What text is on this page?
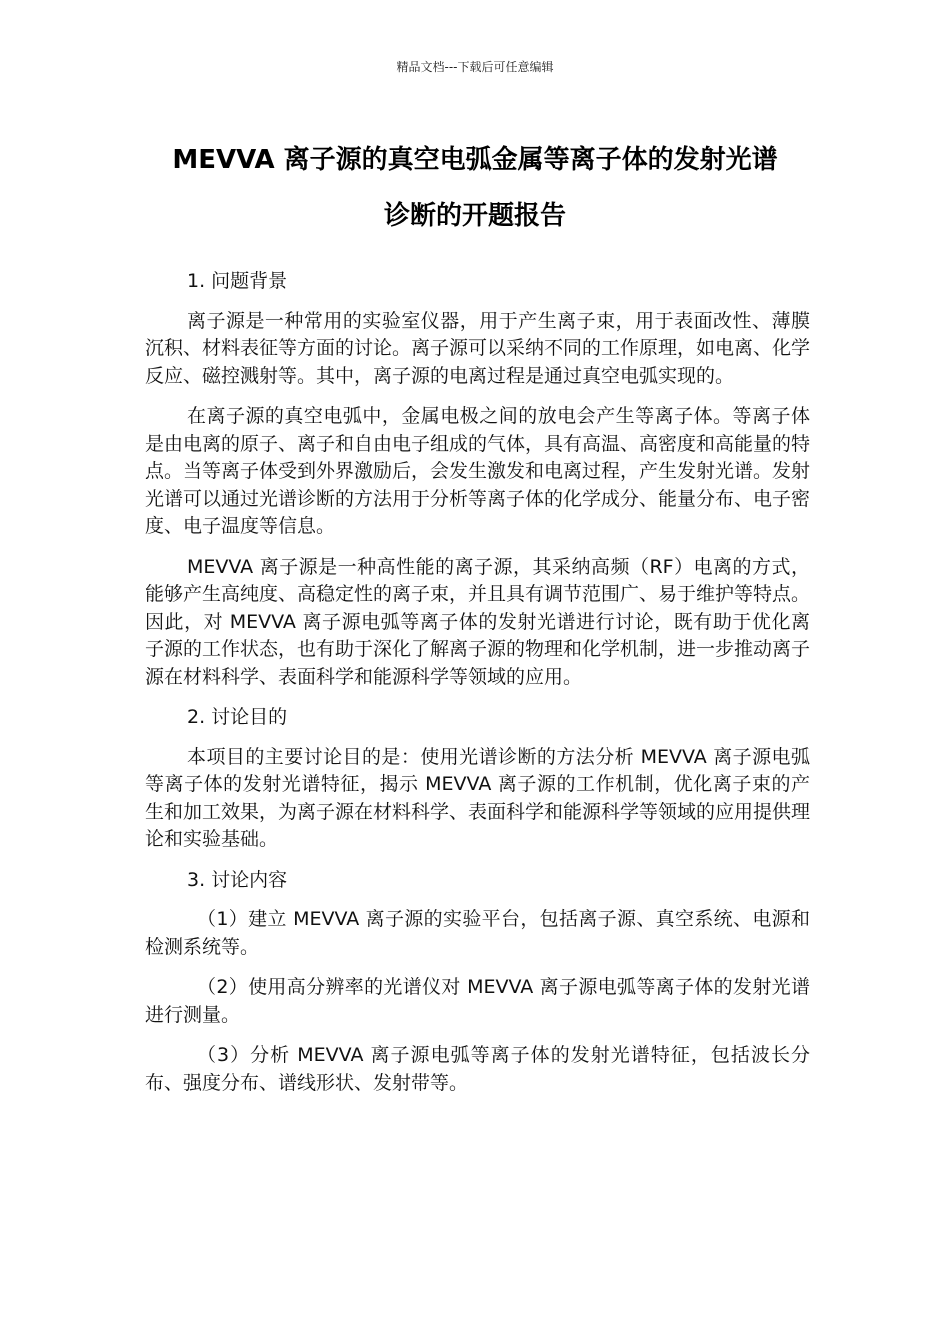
精品文档---下载后可任意编辑
MEVVA 离子源的真空电弧金属等离子体的发射光谱
诊断的开题报告

1. 问题背景

离子源是一种常用的实验室仪器，用于产生离子束，用于表面改性、薄膜沉积、材料表征等方面的讨论。离子源可以采纳不同的工作原理，如电离、化学反应、磁控溅射等。其中，离子源的电离过程是通过真空电弧实现的。

在离子源的真空电弧中，金属电极之间的放电会产生等离子体。等离子体是由电离的原子、离子和自由电子组成的气体，具有高温、高密度和高能量的特点。当等离子体受到外界激励后，会发生激发和电离过程，产生发射光谱。发射光谱可以通过光谱诊断的方法用于分析等离子体的化学成分、能量分布、电子密度、电子温度等信息。

MEVVA 离子源是一种高性能的离子源，其采纳高频（RF）电离的方式，能够产生高纯度、高稳定性的离子束，并且具有调节范围广、易于维护等特点。因此，对 MEVVA 离子源电弧等离子体的发射光谱进行讨论，既有助于优化离子源的工作状态，也有助于深化了解离子源的物理和化学机制，进一步推动离子源在材料科学、表面科学和能源科学等领域的应用。

2. 讨论目的

本项目的主要讨论目的是：使用光谱诊断的方法分析 MEVVA 离子源电弧等离子体的发射光谱特征，揭示 MEVVA 离子源的工作机制，优化离子束的产生和加工效果，为离子源在材料科学、表面科学和能源科学等领域的应用提供理论和实验基础。

3. 讨论内容

（1）建立 MEVVA 离子源的实验平台，包括离子源、真空系统、电源和检测系统等。

（2）使用高分辨率的光谱仪对 MEVVA 离子源电弧等离子体的发射光谱进行测量。

（3）分析 MEVVA 离子源电弧等离子体的发射光谱特征，包括波长分布、强度分布、谱线形状、发射带等。
